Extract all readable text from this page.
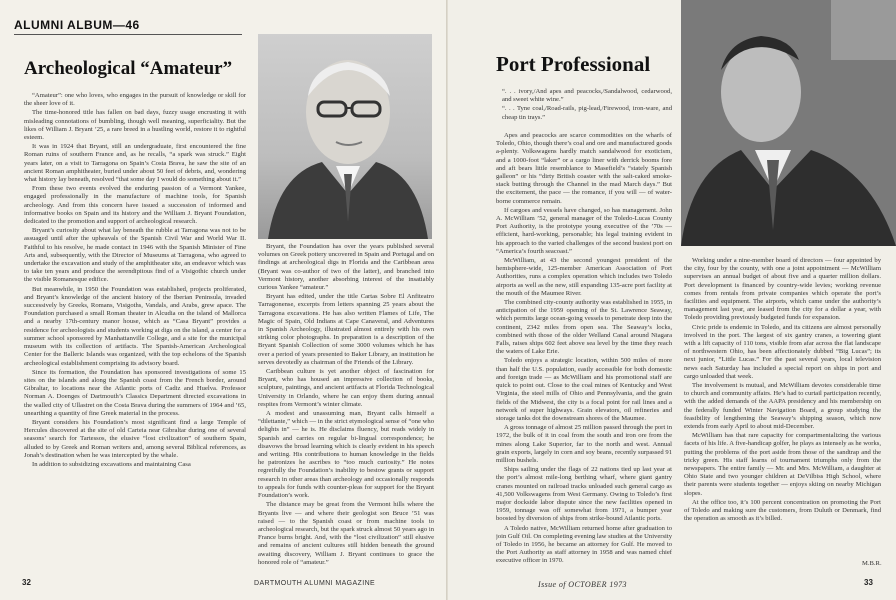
ALUMNI ALBUM—46
Archeological “Amateur”

“Amateur”: one who loves, who engages in the pursuit of knowledge or skill for the sheer love of it.

The time-honored title has fallen on bad days, fuzzy usage encrusting it with misleading connotations of bumbling, though well meaning, superficiality. But the likes of William J. Bryant ’25, a rare breed in a hustling world, restore it to rightful esteem.

It was in 1924 that Bryant, still an undergraduate, first encountered the fine Roman ruins of southern France and, as he recalls, “a spark was struck.” Eight years later, on a visit to Tarragona on Spain’s Costa Brava, he saw the site of an ancient Roman amphitheater, buried under about 50 feet of debris, and, wondering what history lay beneath, resolved “that some day I would do something about it.”

From these two events evolved the enduring passion of a Vermont Yankee, engaged professionally in the manufacture of machine tools, for Spanish archeology. And from this concern have issued a succession of informed and informative books on Spain and its history and the William J. Bryant Foundation, dedicated to the promotion and support of archeological research.

Bryant’s curiosity about what lay beneath the rubble at Tarragona was not to be assuaged until after the upheavals of the Spanish Civil War and World War II. Faithful to his resolve, he made contact in 1946 with the Spanish Minister of Fine Arts and, subsequently, with the Director of Museums at Tarragona, who agreed to undertake the excavation and study of the amphitheater site, an endeavor which was to take ten years and produce the serendipitous find of a Visigothic church under the visible Romanesque edifice.

But meanwhile, in 1950 the Foundation was established, projects proliferated, and Bryant’s knowledge of the ancient history of the Iberian Peninsula, invaded successively by Greeks, Romans, Visigoths, Vandals, and Arabs, grew apace. The Foundation purchased a small Roman theater in Alcudia on the island of Mallorca and a nearby 17th-century manor house, which as “Casa Bryant” provides a residence for archeologists and students working at digs on the island, a center for a summer school sponsored by Manhattanville College, and a site for the municipal museum with its collection of artifacts. The Spanish-American Archeological Center for the Balleric Islands was organized, with the top echelons of the Spanish archeological establishment comprising its advisory board.

Since its formation, the Foundation has sponsored investigations of some 15 sites on the islands and along the Spanish coast from the French border, around Gibraltar, to locations near the Atlantic ports of Cadiz and Huelva. Professor Norman A. Doenges of Dartmouth’s Classics Department directed excavations in the walled city of Ullastret on the Costa Brava during the summers of 1964 and ’65, unearthing a quantity of fine Greek material in the process.

Bryant considers his Foundation’s most significant find a large Temple of Hercules discovered at the site of old Carteia near Gibraltar during one of several seasons’ search for Tartessos, the elusive “lost civilization” of southern Spain, alluded to by Greek and Roman writers and, among several Biblical references, as Jonah’s destination when he was intercepted by the whale.

In addition to subsidizing excavations and maintaining Casa

Bryant, the Foundation has over the years published several volumes on Greek pottery uncovered in Spain and Portugal and on findings at archeological digs in Florida and the Caribbean area (Bryant was co-author of two of the latter), and branched into Vermont history, another absorbing interest of the insatiably curious Yankee “amateur.”

Bryant has edited, under the title Cartas Sobre El Anfiteatro Tarragonense, excerpts from letters spanning 25 years about the Tarragona excavations. He has also written Flames of Life, The Magic of Spain, Old Indians at Cape Canaveral, and Adventures in Spanish Archeology, illustrated almost entirely with his own striking color photographs. In preparation is a description of the Bryant Spanish Collection of some 3000 volumes which he has over a period of years presented to Baker Library, an institution he serves devotedly as chairman of the Friends of the Library.

Caribbean culture is yet another object of fascination for Bryant, who has housed an impressive collection of books, sculpture, paintings, and ancient artifacts at Florida Technological University in Orlando, where he can enjoy them during annual respites from Vermont’s winter climate.

A modest and unassuming man, Bryant calls himself a “dilettante,” which — in the strict etymological sense of “one who delights in” — he is. He disclaims fluency, but reads widely in Spanish and carries on regular bi-lingual correspondence; he disavows the broad learning which is clearly evident in his speech and writing. His contributions to human knowledge in the fields he patronizes he ascribes to “too much curiosity.” He notes regretfully the Foundation’s inability to bestow grants or support research in other areas than archeology and occasionally responds to appeals for funds with counter-pleas for support for the Bryant Foundation’s work.

The distance may be great from the Vermont hills where the Bryants live — and where their geologist son Bruce ’51 was raised — to the Spanish coast or from machine tools to archeological research, but the spark struck almost 50 years ago in France burns bright. And, with the “lost civilization” still elusive and remains of ancient cultures still hidden beneath the ground awaiting discovery, William J. Bryant continues to grace the honored role of “amateur.”

32	DARTMOUTH ALUMNI MAGAZINE
Port Professional

“. . . ivory,/And apes and peacocks,/Sandalwood, cedarwood, and sweet white wine.”

“. . . Tyne coal,/Road-rails, pig-lead,/Firewood, iron-ware, and cheap tin trays.”

Apes and peacocks are scarce commodities on the wharfs of Toledo, Ohio, though there’s coal and ore and manufactured goods a-plenty. Volkswagens hardly match sandalwood for exoticism, and a 1000-foot “laker” or a cargo liner with derrick booms fore and aft bears little resemblance to Masefield’s “stately Spanish galleon” or his “dirty British coaster with the salt-caked smoke-stack butting through the Channel in the mad March days.” But the excitement, the pace — the romance, if you will — of water-borne commerce remain.

If cargoes and vessels have changed, so has management. John A. McWilliam ’52, general manager of the Toledo-Lucas County Port Authority, is the prototype young executive of the ’70s — efficient, hard-working, personable; his legal training evident in his approach to the varied challenges of the second busiest port on “America’s fourth seacoast.”

McWilliam, at 43 the second youngest president of the hemisphere-wide, 125-member American Association of Port Authorities, runs a complex operation which includes two Toledo airports as well as the new, still expanding 135-acre port facility at the mouth of the Maumee River.

The combined city-county authority was established in 1955, in anticipation of the 1959 opening of the St. Lawrence Seaway, which permits large ocean-going vessels to penetrate deep into the continent, 2342 miles from open sea. The Seaway’s locks, combined with those of the older Welland Canal around Niagara Falls, raises ships 602 feet above sea level by the time they reach the waters of Lake Erie.

Toledo enjoys a strategic location, within 500 miles of more than half the U.S. population, easily accessible for both domestic and foreign trade — as McWilliam and his promotional staff are quick to point out. Close to the coal mines of Kentucky and West Virginia, the steel mills of Ohio and Pennsylvania, and the grain fields of the Midwest, the city is a focal point for rail lines and a network of super highways. Grain elevators, oil refineries and storage tanks dot the downstream shores of the Maumee.

A gross tonnage of almost 25 million passed through the port in 1972, the bulk of it in coal from the south and iron ore from the mines along Lake Superior, far to the north and west. Annual grain exports, largely in corn and soy beans, recently surpassed 91 million bushels.

Ships sailing under the flags of 22 nations tied up last year at the port’s almost mile-long berthing wharf, where giant gantry cranes mounted on railroad tracks unloaded such general cargo as 41,500 Volkswagens from West Germany. Owing to Toledo’s first major dockside labor dispute since the new facilities opened in 1959, tonnage was off somewhat from 1971, a bumper year boosted by diversion of ships from strike-bound Atlantic ports.

A Toledo native, McWilliam returned home after graduation to join Gulf Oil. On completing evening law studies at the University of Toledo in 1956, he became an attorney for Gulf. He moved to the Port Authority as staff attorney in 1958 and was named chief executive officer in 1970.

Working under a nine-member board of directors — four appointed by the city, four by the county, with one a joint appointment — McWilliam supervises an annual budget of about five and a quarter million dollars. Port development is financed by country-wide levies; working revenue comes from rentals from private companies which operate the port’s facilities and equipment. The airports, which came under the authority’s management last year, are leased from the city for a dollar a year, with Toledo providing previously budgeted funds for expansion.

Civic pride is endemic in Toledo, and its citizens are almost personally involved in the port. The largest of six gantry cranes, a towering giant with a lift capacity of 110 tons, visible from afar across the flat landscape of northwestern Ohio, has been affectionately dubbed “Big Lucas”; its next junior, “Little Lucas.” For the past several years, local television news each Saturday has included a special report on ships in port and cargo unloaded that week.

The involvement is mutual, and McWilliam devotes considerable time to church and community affairs. He’s had to curtail participation recently, with the added demands of the AAPA presidency and his membership on the federally funded Winter Navigation Board, a group studying the feasibility of lengthening the Seaway’s shipping season, which now extends from early April to about mid-December.

McWilliam has that rare capacity for compartmentalizing the various facets of his life. A five-handicap golfer, he plays as intensely as he works, putting the problems of the port aside from those of the sandtrap and the tricky green. His staff learns of tournament triumphs only from the newspapers. The entire family — Mr. and Mrs. McWilliam, a daughter at Ohio State and two younger children at DeVilbiss High School, where their parents were students together — enjoys skiing on nearby Michigan slopes.

At the office too, it’s 100 percent concentration on promoting the Port of Toledo and making sure the customers, from Duluth or Denmark, find the operation as smooth as it’s billed.

M.B.R.
Issue of OCTOBER 1973	33
